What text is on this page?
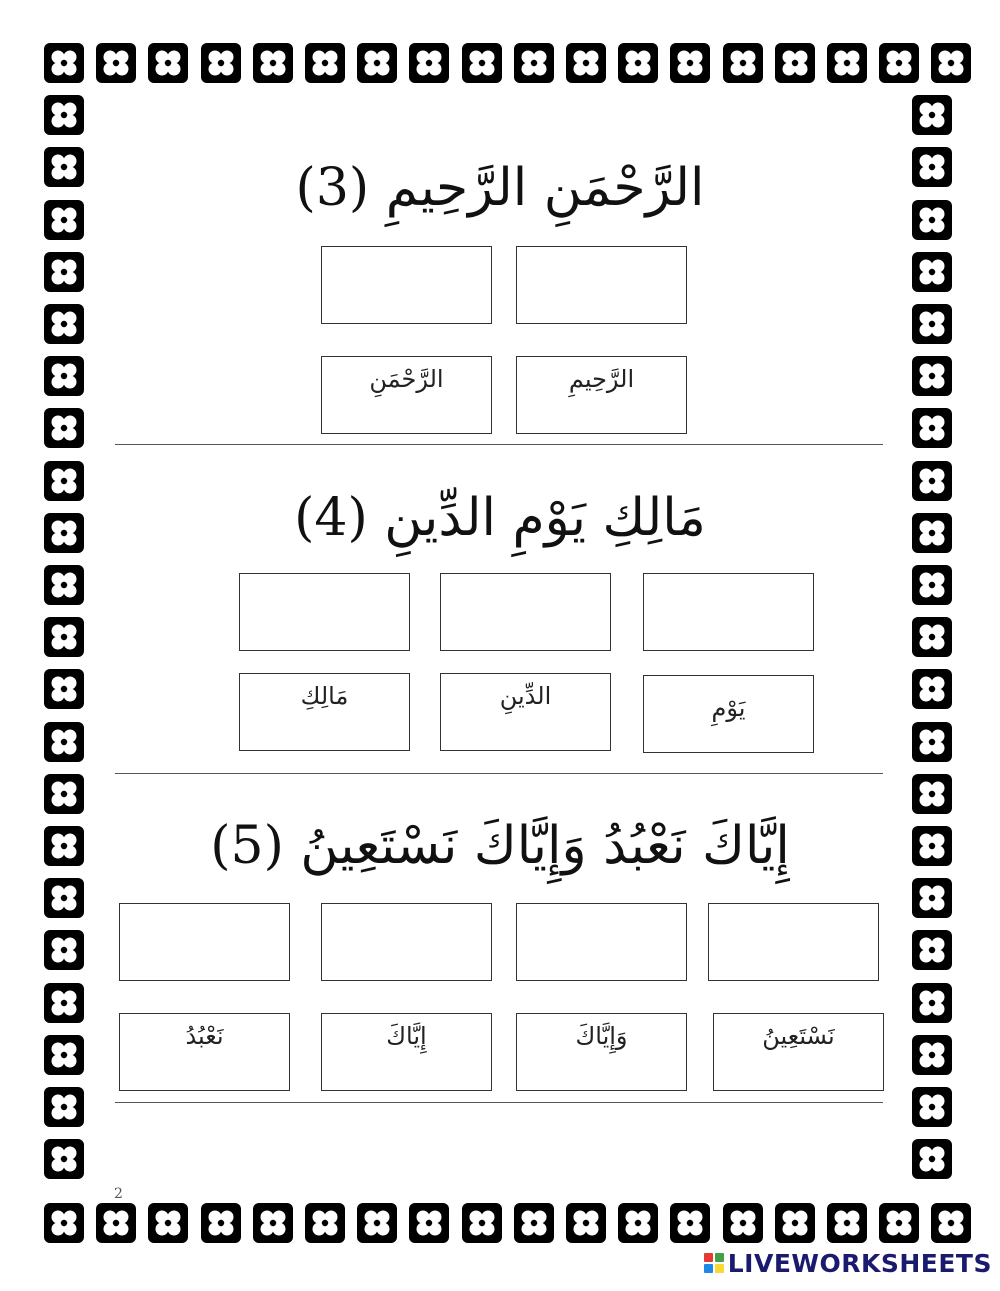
الرَّحْمَنِ الرَّحِيمِ (3)
الرَّحْمَنِ	الرَّحِيمِ
مَالِكِ يَوْمِ الدِّينِ (4)
مَالِكِ	الدِّينِ	يَوْمِ
إِيَّاكَ نَعْبُدُ وَإِيَّاكَ نَسْتَعِينُ (5)
نَعْبُدُ	إِيَّاكَ	وَإِيَّاكَ	نَسْتَعِينُ
2
LIVEWORKSHEETS
